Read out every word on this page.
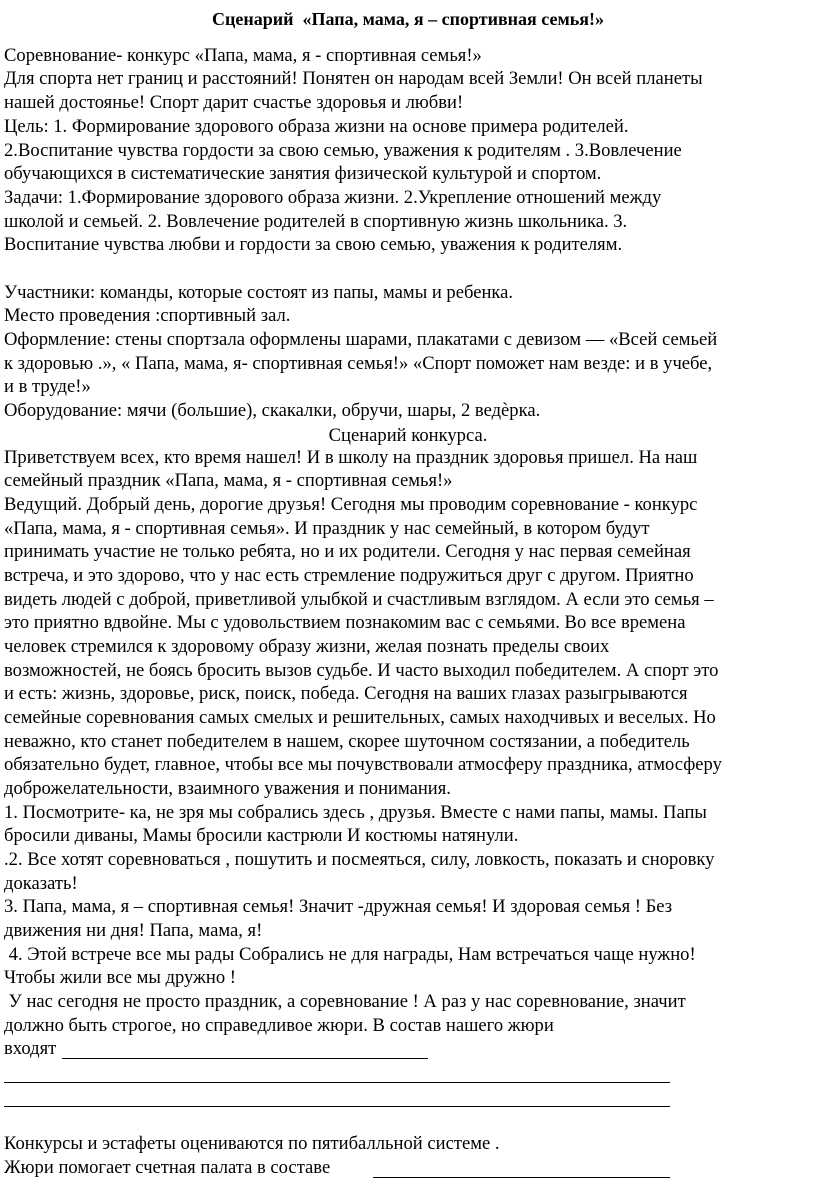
Сценарий  «Папа, мама, я – спортивная семья!»
Соревнование- конкурс «Папа, мама, я - спортивная семья!»
Для спорта нет границ и расстояний! Понятен он народам всей Земли! Он всей планеты
нашей достоянье! Спорт дарит счастье здоровья и любви!
Цель: 1. Формирование здорового образа жизни на основе примера родителей.
2.Воспитание чувства гордости за свою семью, уважения к родителям . 3.Вовлечение
обучающихся в систематические занятия физической культурой и спортом.
Задачи: 1.Формирование здорового образа жизни. 2.Укрепление отношений между
школой и семьей. 2. Вовлечение родителей в спортивную жизнь школьника. 3.
Воспитание чувства любви и гордости за свою семью, уважения к родителям.
Участники: команды, которые состоят из папы, мамы и ребенка.
Место проведения :спортивный зал.
Оформление: стены спортзала оформлены шарами, плакатами с девизом — «Всей семьей
к здоровью .», « Папа, мама, я- спортивная семья!» «Спорт поможет нам везде: и в учебе,
и в труде!»
Оборудование: мячи (большие), скакалки, обручи, шары, 2 ведèрка.
Сценарий конкурса.
Приветствуем всех, кто время нашел! И в школу на праздник здоровья пришел. На наш
семейный праздник «Папа, мама, я - спортивная семья!»
Ведущий. Добрый день, дорогие друзья! Сегодня мы проводим соревнование - конкурс
«Папа, мама, я - спортивная семья». И праздник у нас семейный, в котором будут
принимать участие не только ребята, но и их родители. Сегодня у нас первая семейная
встреча, и это здорово, что у нас есть стремление подружиться друг с другом. Приятно
видеть людей с доброй, приветливой улыбкой и счастливым взглядом. А если это семья –
это приятно вдвойне. Мы с удовольствием познакомим вас с семьями. Во все времена
человек стремился к здоровому образу жизни, желая познать пределы своих
возможностей, не боясь бросить вызов судьбе. И часто выходил победителем. А спорт это
и есть: жизнь, здоровье, риск, поиск, победа. Сегодня на ваших глазах разыгрываются
семейные соревнования самых смелых и решительных, самых находчивых и веселых. Но
неважно, кто станет победителем в нашем, скорее шуточном состязании, а победитель
обязательно будет, главное, чтобы все мы почувствовали атмосферу праздника, атмосферу
доброжелательности, взаимного уважения и понимания.
1. Посмотрите- ка, не зря мы собрались здесь , друзья. Вместе с нами папы, мамы. Папы
бросили диваны, Мамы бросили кастрюли И костюмы натянули.
.2. Все хотят соревноваться , пошутить и посмеяться, силу, ловкость, показать и сноровку
доказать!
3. Папа, мама, я – спортивная семья! Значит -дружная семья! И здоровая семья ! Без
движения ни дня! Папа, мама, я!
4. Этой встрече все мы рады Собрались не для награды, Нам встречаться чаще нужно!
Чтобы жили все мы дружно !
У нас сегодня не просто праздник, а соревнование ! А раз у нас соревнование, значит
должно быть строгое, но справедливое жюри. В состав нашего жюри
входят
Конкурсы и эстафеты оцениваются по пятибалльной системе .
Жюри помогает счетная палата в составе
